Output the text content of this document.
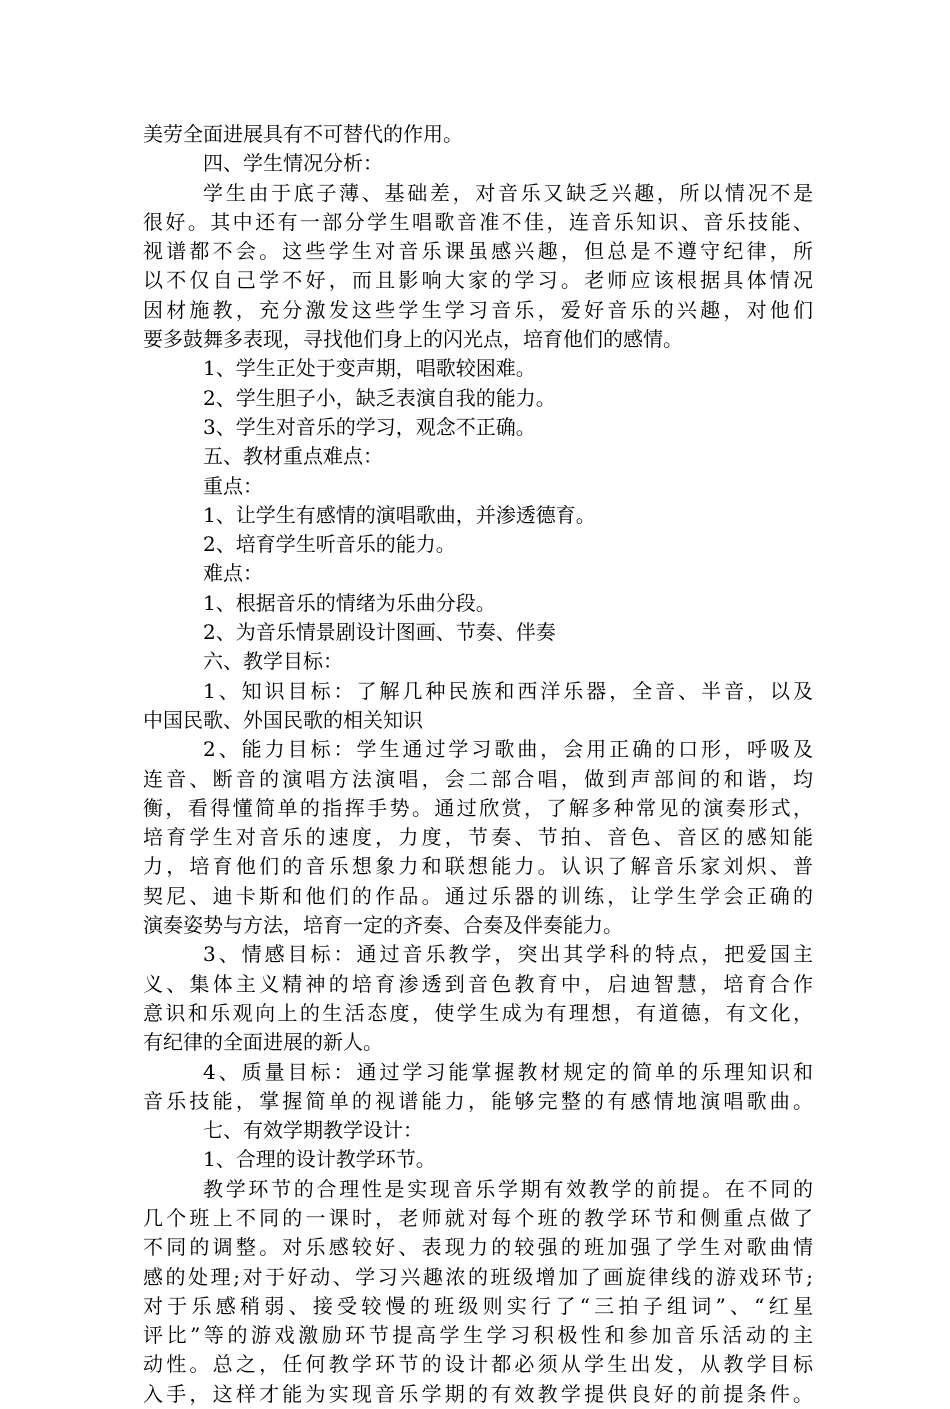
美劳全面进展具有不可替代的作用。
四、学生情况分析：
学生由于底子薄、基础差，对音乐又缺乏兴趣，所以情况不是
很好。其中还有一部分学生唱歌音准不佳，连音乐知识、音乐技能、
视谱都不会。这些学生对音乐课虽感兴趣，但总是不遵守纪律，所
以不仅自己学不好，而且影响大家的学习。老师应该根据具体情况
因材施教，充分激发这些学生学习音乐，爱好音乐的兴趣，对他们
要多鼓舞多表现，寻找他们身上的闪光点，培育他们的感情。
1、学生正处于变声期，唱歌较困难。
2、学生胆子小，缺乏表演自我的能力。
3、学生对音乐的学习，观念不正确。
五、教材重点难点：
重点：
1、让学生有感情的演唱歌曲，并渗透德育。
2、培育学生听音乐的能力。
难点：
1、根据音乐的情绪为乐曲分段。
2、为音乐情景剧设计图画、节奏、伴奏
六、教学目标：
1、知识目标：了解几种民族和西洋乐器，全音、半音，以及
中国民歌、外国民歌的相关知识
2、能力目标：学生通过学习歌曲，会用正确的口形，呼吸及
连音、断音的演唱方法演唱，会二部合唱，做到声部间的和谐，均
衡，看得懂简单的指挥手势。通过欣赏，了解多种常见的演奏形式，
培育学生对音乐的速度，力度，节奏、节拍、音色、音区的感知能
力，培育他们的音乐想象力和联想能力。认识了解音乐家刘炽、普
契尼、迪卡斯和他们的作品。通过乐器的训练，让学生学会正确的
演奏姿势与方法，培育一定的齐奏、合奏及伴奏能力。
3、情感目标：通过音乐教学，突出其学科的特点，把爱国主
义、集体主义精神的培育渗透到音色教育中，启迪智慧，培育合作
意识和乐观向上的生活态度，使学生成为有理想，有道德，有文化，
有纪律的全面进展的新人。
4、质量目标：通过学习能掌握教材规定的简单的乐理知识和
音乐技能，掌握简单的视谱能力，能够完整的有感情地演唱歌曲。
七、有效学期教学设计：
1、合理的设计教学环节。
教学环节的合理性是实现音乐学期有效教学的前提。在不同的
几个班上不同的一课时，老师就对每个班的教学环节和侧重点做了
不同的调整。对乐感较好、表现力的较强的班加强了学生对歌曲情
感的处理;对于好动、学习兴趣浓的班级增加了画旋律线的游戏环节;
对于乐感稍弱、接受较慢的班级则实行了“三拍子组词”、“红星
评比”等的游戏激励环节提高学生学习积极性和参加音乐活动的主
动性。总之，任何教学环节的设计都必须从学生出发，从教学目标
入手，这样才能为实现音乐学期的有效教学提供良好的前提条件。
